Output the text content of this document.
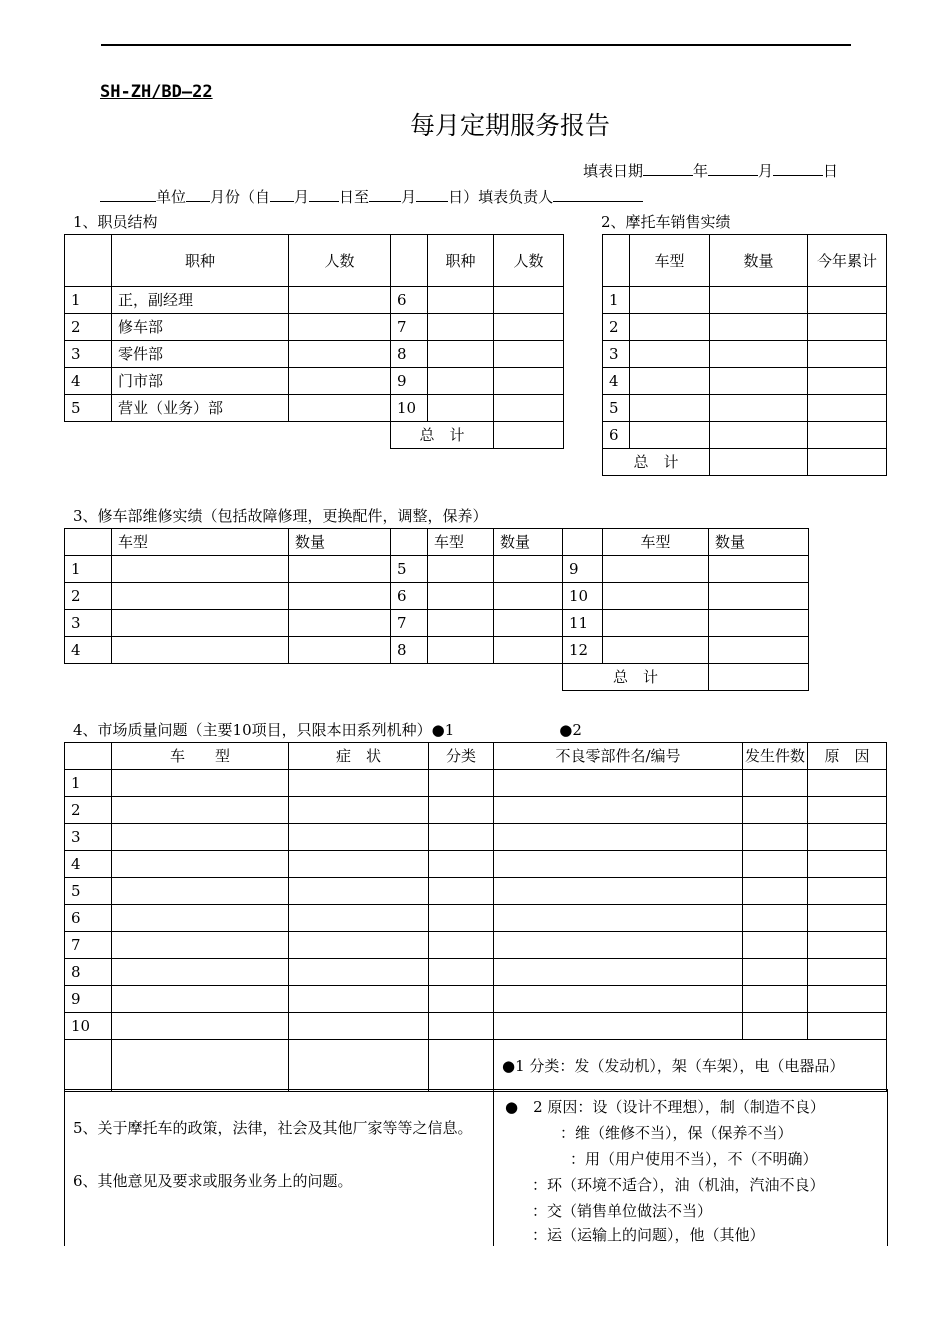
SH-ZH/BD—22
每月定期服务报告
填表日期	年	月	日
单位 月份（自 月 日至 月 日）填表负责人
1、职员结构
	职种	人数		职种	人数
1	正，副经理		6		
2	修车部		7		
3	零件部		8		
4	门市部		9		
5	营业（业务）部		10		
			总　计		
2、摩托车销售实绩
	车型	数量	今年累计
1			
2			
3			
4			
5			
6			
总　计			
3、修车部维修实绩（包括故障修理，更换配件，调整，保养）
	车型	数量		车型	数量		车型	数量
1			5			9		
2			6			10		
3			7			11		
4			8			12		
						总　计		
4、市场质量问题（主要10项目，只限本田系列机种）●1　　　　　　　●2
	车　　型	症　状	分类	不良零部件名/编号	发生件数	原　因
1						
2						
3						
4						
5						
6						
7						
8						
9						
10						
				●1 分类：发（发动机），架（车架），电（电器品）		
5、关于摩托车的政策，法律，社会及其他厂家等等之信息。
6、其他意见及要求或服务业务上的问题。
●　2 原因：设（设计不理想），制（制造不良）
：维（维修不当），保（保养不当）
：用（用户使用不当），不（不明确）
：环（环境不适合），油（机油，汽油不良）
：交（销售单位做法不当）
：运（运输上的问题），他（其他）
